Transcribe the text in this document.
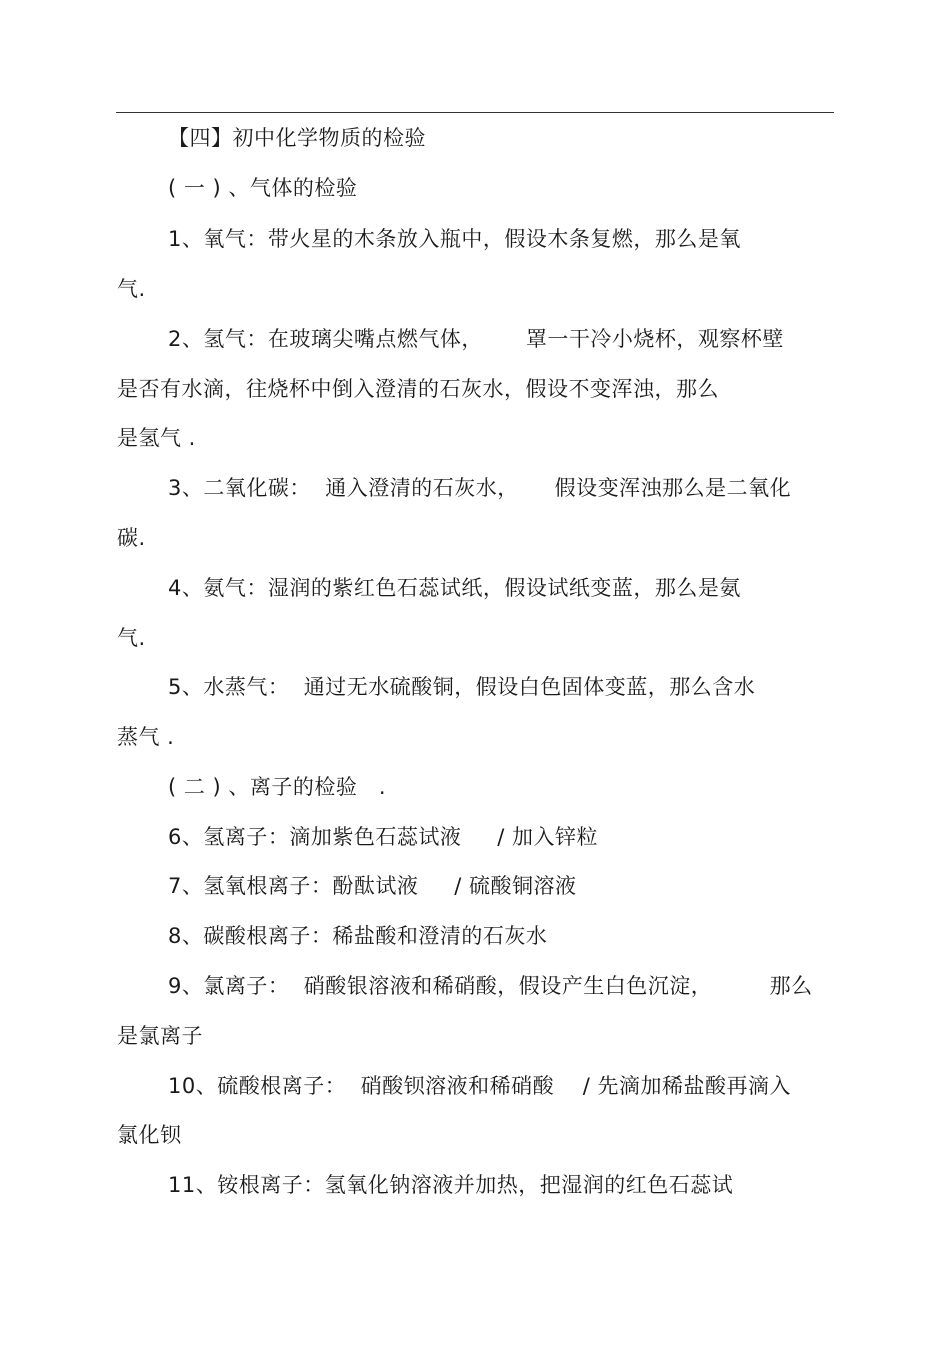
【四】初中化学物质的检验
( 一 ) 、气体的检验
1、氧气：带火星的木条放入瓶中，假设木条复燃，那么是氧
气.
2、氢气：在玻璃尖嘴点燃气体，      罩一干冷小烧杯，观察杯壁
是否有水滴，往烧杯中倒入澄清的石灰水，假设不变浑浊，那么
是氢气 .
3、二氧化碳：  通入澄清的石灰水，     假设变浑浊那么是二氧化
碳.
4、氨气：湿润的紫红色石蕊试纸，假设试纸变蓝，那么是氨
气.
5、水蒸气：  通过无水硫酸铜，假设白色固体变蓝，那么含水
蒸气 .
( 二 ) 、离子的检验   .
6、氢离子：滴加紫色石蕊试液     / 加入锌粒
7、氢氧根离子：酚酞试液     / 硫酸铜溶液
8、碳酸根离子：稀盐酸和澄清的石灰水
9、氯离子：  硝酸银溶液和稀硝酸，假设产生白色沉淀，        那么
是氯离子
10、硫酸根离子：  硝酸钡溶液和稀硝酸    / 先滴加稀盐酸再滴入
氯化钡
11、铵根离子：氢氧化钠溶液并加热，把湿润的红色石蕊试
